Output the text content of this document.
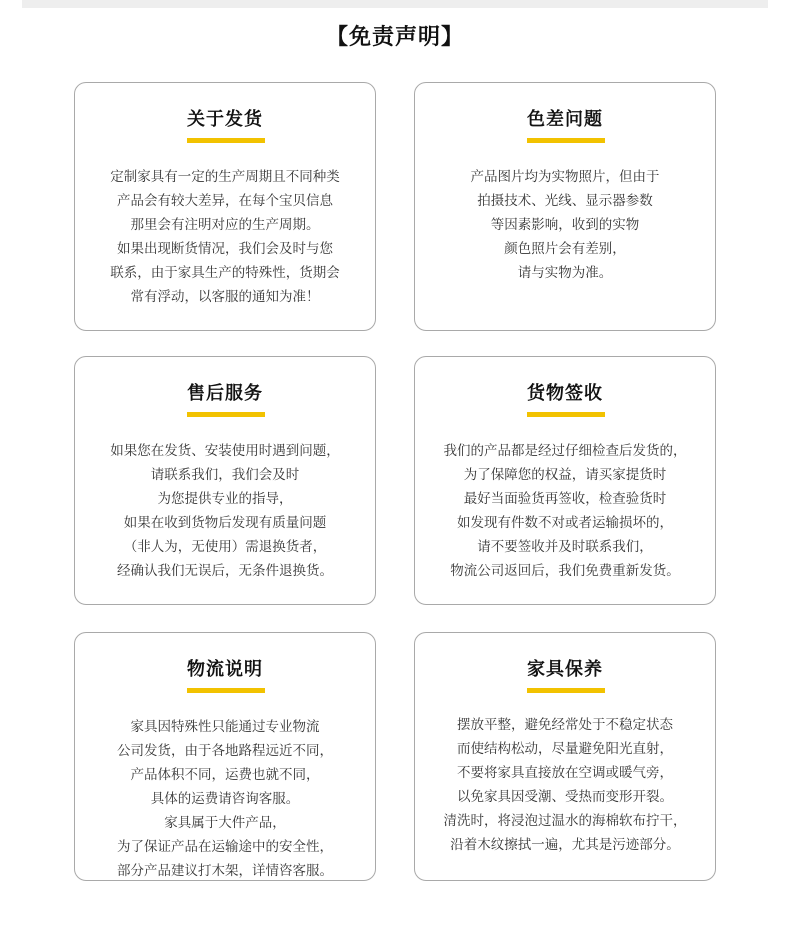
【免责声明】
关于发货
定制家具有一定的生产周期且不同种类
产品会有较大差异，在每个宝贝信息
那里会有注明对应的生产周期。
如果出现断货情况，我们会及时与您
联系，由于家具生产的特殊性，货期会
常有浮动，以客服的通知为准！
色差问题
产品图片均为实物照片，但由于
拍摄技术、光线、显示器参数
等因素影响，收到的实物
颜色照片会有差别，
请与实物为准。
售后服务
如果您在发货、安装使用时遇到问题，
请联系我们，我们会及时
为您提供专业的指导，
如果在收到货物后发现有质量问题
（非人为，无使用）需退换货者，
经确认我们无误后，无条件退换货。
货物签收
我们的产品都是经过仔细检查后发货的，
为了保障您的权益，请买家提货时
最好当面验货再签收，检查验货时
如发现有件数不对或者运输损坏的，
请不要签收并及时联系我们，
物流公司返回后，我们免费重新发货。
物流说明
家具因特殊性只能通过专业物流
公司发货，由于各地路程远近不同，
产品体积不同，运费也就不同，
具体的运费请咨询客服。
家具属于大件产品，
为了保证产品在运输途中的安全性，
部分产品建议打木架，详情咨客服。
家具保养
摆放平整，避免经常处于不稳定状态
而使结构松动，尽量避免阳光直射，
不要将家具直接放在空调或暖气旁，
以免家具因受潮、受热而变形开裂。
清洗时，将浸泡过温水的海棉软布拧干，
沿着木纹擦拭一遍，尤其是污迹部分。
